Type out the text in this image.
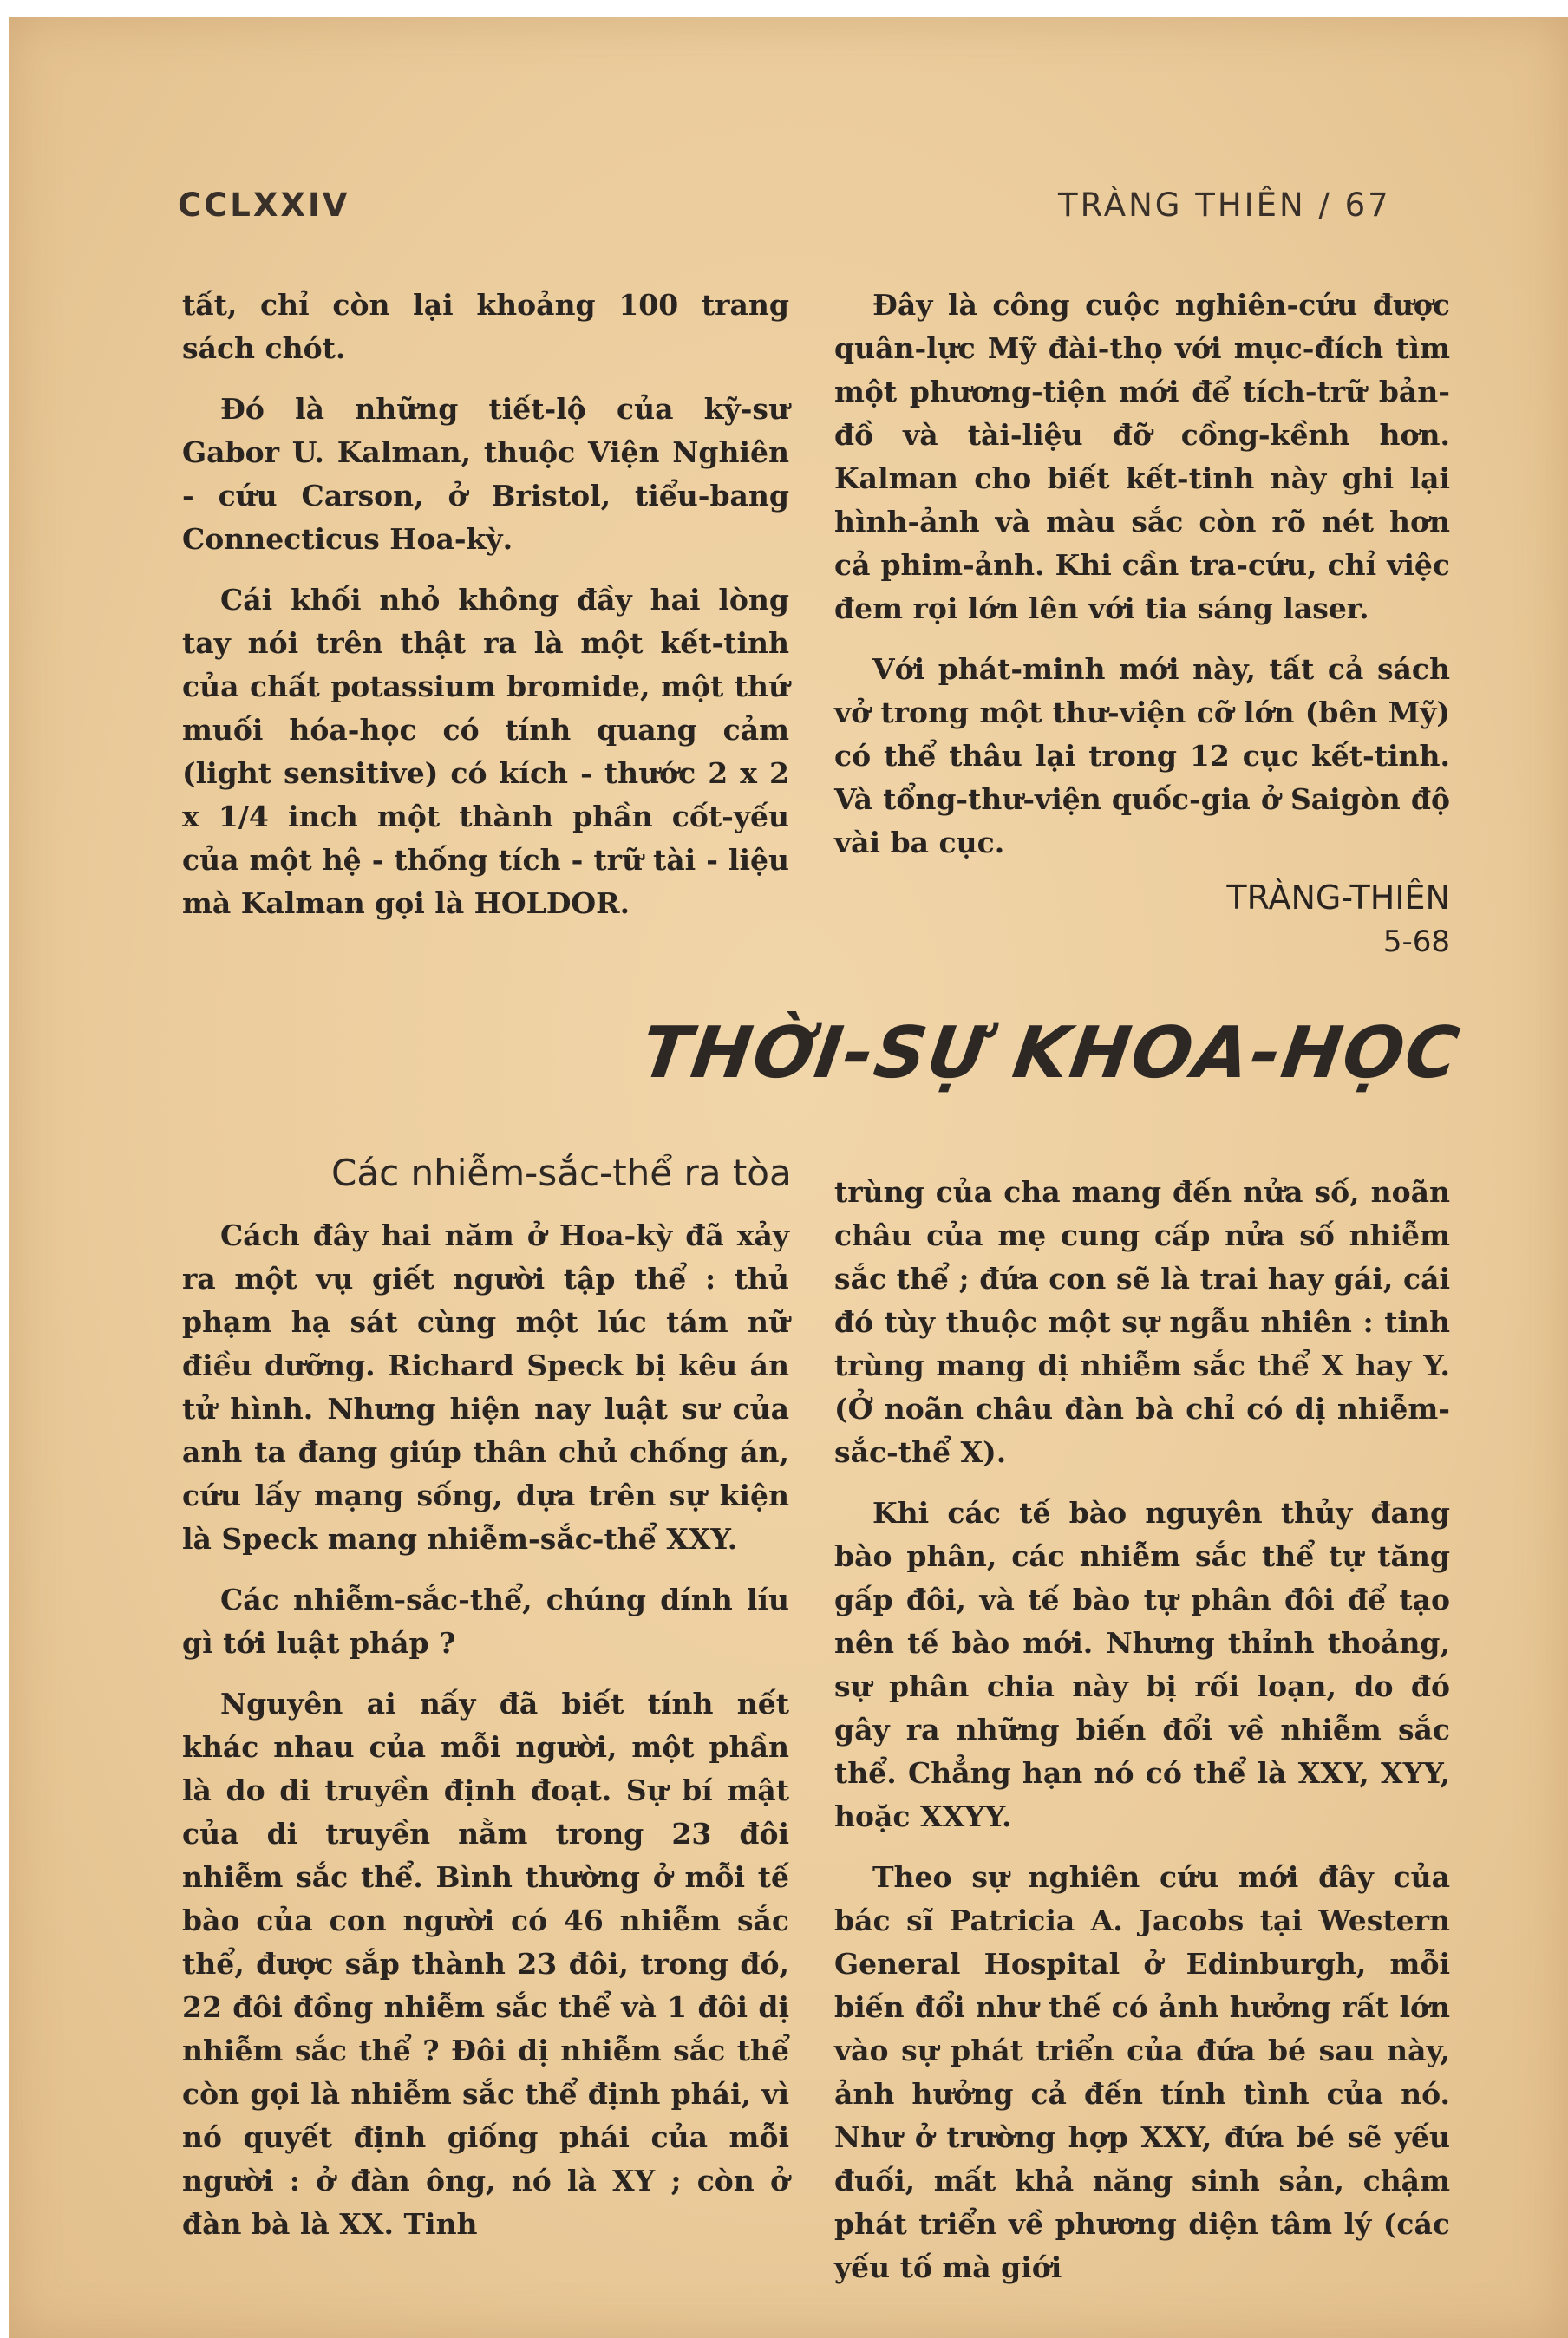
CCLXXIV	TRÀNG THIÊN / 67

tất, chỉ còn lại khoảng 100 trang sách chót.

Đó là những tiết-lộ của kỹ-sư Gabor U. Kalman, thuộc Viện Nghiên - cứu Carson, ở Bristol, tiểu-bang Connecticus Hoa-kỳ.

Cái khối nhỏ không đầy hai lòng tay nói trên thật ra là một kết-tinh của chất potassium bromide, một thứ muối hóa-học có tính quang cảm (light sensitive) có kích - thước 2 x 2 x 1/4 inch một thành phần cốt-yếu của một hệ - thống tích - trữ tài - liệu mà Kalman gọi là HOLDOR.

Đây là công cuộc nghiên-cứu được quân-lực Mỹ đài-thọ với mục-đích tìm một phương-tiện mới để tích-trữ bản-đồ và tài-liệu đỡ cồng-kềnh hơn. Kalman cho biết kết-tinh này ghi lại hình-ảnh và màu sắc còn rõ nét hơn cả phim-ảnh. Khi cần tra-cứu, chỉ việc đem rọi lớn lên với tia sáng laser.

Với phát-minh mới này, tất cả sách vở trong một thư-viện cỡ lớn (bên Mỹ) có thể thâu lại trong 12 cục kết-tinh. Và tổng-thư-viện quốc-gia ở Saigòn độ vài ba cục.

TRÀNG-THIÊN

5-68

THỜI-SỰ KHOA-HỌC
Các nhiễm-sắc-thể ra tòa

Cách đây hai năm ở Hoa-kỳ đã xảy ra một vụ giết người tập thể : thủ phạm hạ sát cùng một lúc tám nữ điều dưỡng. Richard Speck bị kêu án tử hình. Nhưng hiện nay luật sư của anh ta đang giúp thân chủ chống án, cứu lấy mạng sống, dựa trên sự kiện là Speck mang nhiễm-sắc-thể XXY.

Các nhiễm-sắc-thể, chúng dính líu gì tới luật pháp ?

Nguyên ai nấy đã biết tính nết khác nhau của mỗi người, một phần là do di truyền định đoạt. Sự bí mật của di truyền nằm trong 23 đôi nhiễm sắc thể. Bình thường ở mỗi tế bào của con người có 46 nhiễm sắc thể, được sắp thành 23 đôi, trong đó, 22 đôi đồng nhiễm sắc thể và 1 đôi dị nhiễm sắc thể ? Đôi dị nhiễm sắc thể còn gọi là nhiễm sắc thể định phái, vì nó quyết định giống phái của mỗi người : ở đàn ông, nó là XY ; còn ở đàn bà là XX. Tinh

trùng của cha mang đến nửa số, noãn châu của mẹ cung cấp nửa số nhiễm sắc thể ; đứa con sẽ là trai hay gái, cái đó tùy thuộc một sự ngẫu nhiên : tinh trùng mang dị nhiễm sắc thể X hay Y. (Ở noãn châu đàn bà chỉ có dị nhiễm-sắc-thể X).

Khi các tế bào nguyên thủy đang bào phân, các nhiễm sắc thể tự tăng gấp đôi, và tế bào tự phân đôi để tạo nên tế bào mới. Nhưng thỉnh thoảng, sự phân chia này bị rối loạn, do đó gây ra những biến đổi về nhiễm sắc thể. Chẳng hạn nó có thể là XXY, XYY, hoặc XXYY.

Theo sự nghiên cứu mới đây của bác sĩ Patricia A. Jacobs tại Western General Hospital ở Edinburgh, mỗi biến đổi như thế có ảnh hưởng rất lớn vào sự phát triển của đứa bé sau này, ảnh hưởng cả đến tính tình của nó. Như ở trường hợp XXY, đứa bé sẽ yếu đuối, mất khả năng sinh sản, chậm phát triển về phương diện tâm lý (các yếu tố mà giới
